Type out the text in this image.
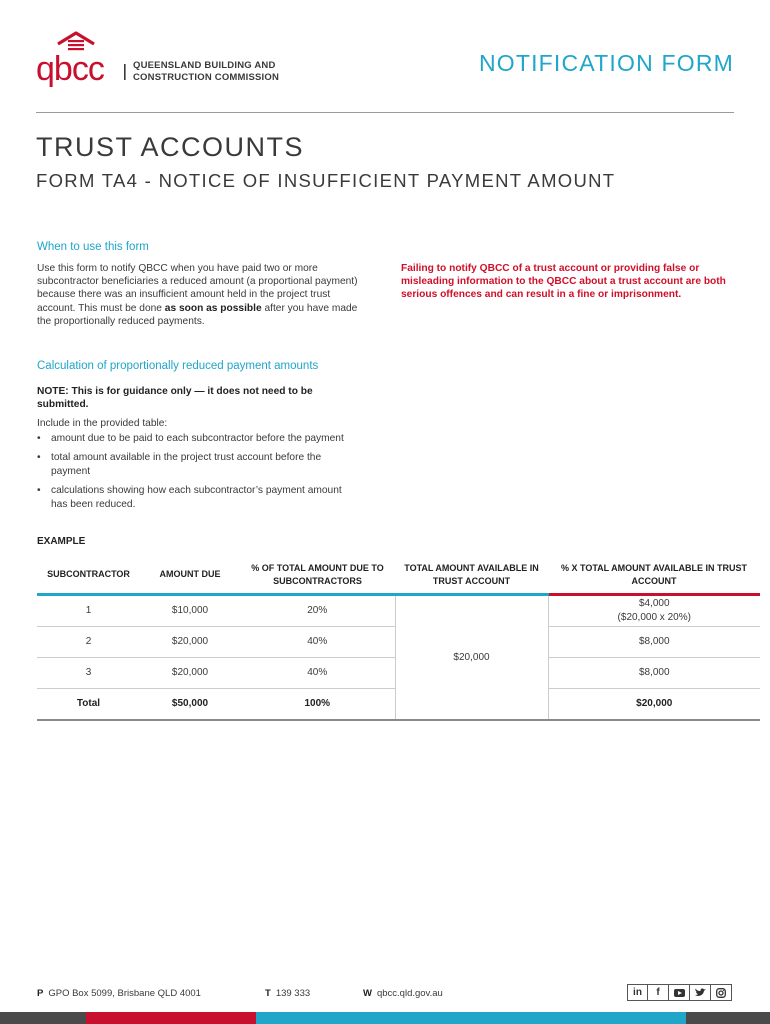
qbcc	QUEENSLAND BUILDING AND
CONSTRUCTION COMMISSION
NOTIFICATION FORM
TRUST ACCOUNTS
FORM TA4 - NOTICE OF INSUFFICIENT PAYMENT AMOUNT
When to use this form
Use this form to notify QBCC when you have paid two or more subcontractor beneficiaries a reduced amount (a proportional payment) because there was an insufficient amount held in the project trust account. This must be done as soon as possible after you have made the proportionally reduced payments.
Failing to notify QBCC of a trust account or providing false or misleading information to the QBCC about a trust account are both serious offences and can result in a fine or imprisonment.
Calculation of proportionally reduced payment amounts
NOTE: This is for guidance only — it does not need to be submitted.
Include in the provided table:
• amount due to be paid to each subcontractor before the payment
• total amount available in the project trust account before the payment
• calculations showing how each subcontractor’s payment amount has been reduced.
EXAMPLE
SUBCONTRACTOR	AMOUNT DUE	% OF TOTAL AMOUNT DUE TO SUBCONTRACTORS	TOTAL AMOUNT AVAILABLE IN TRUST ACCOUNT	% X TOTAL AMOUNT AVAILABLE IN TRUST ACCOUNT
1	$10,000	20%	$20,000	$4,000
($20,000 x 20%)

2	$20,000	40%		$8,000
3	$20,000	40%		$8,000
Total	$50,000	100%		$20,000
P GPO Box 5099, Brisbane QLD 4001	T 139 333	W qbcc.qld.gov.au	in	f
